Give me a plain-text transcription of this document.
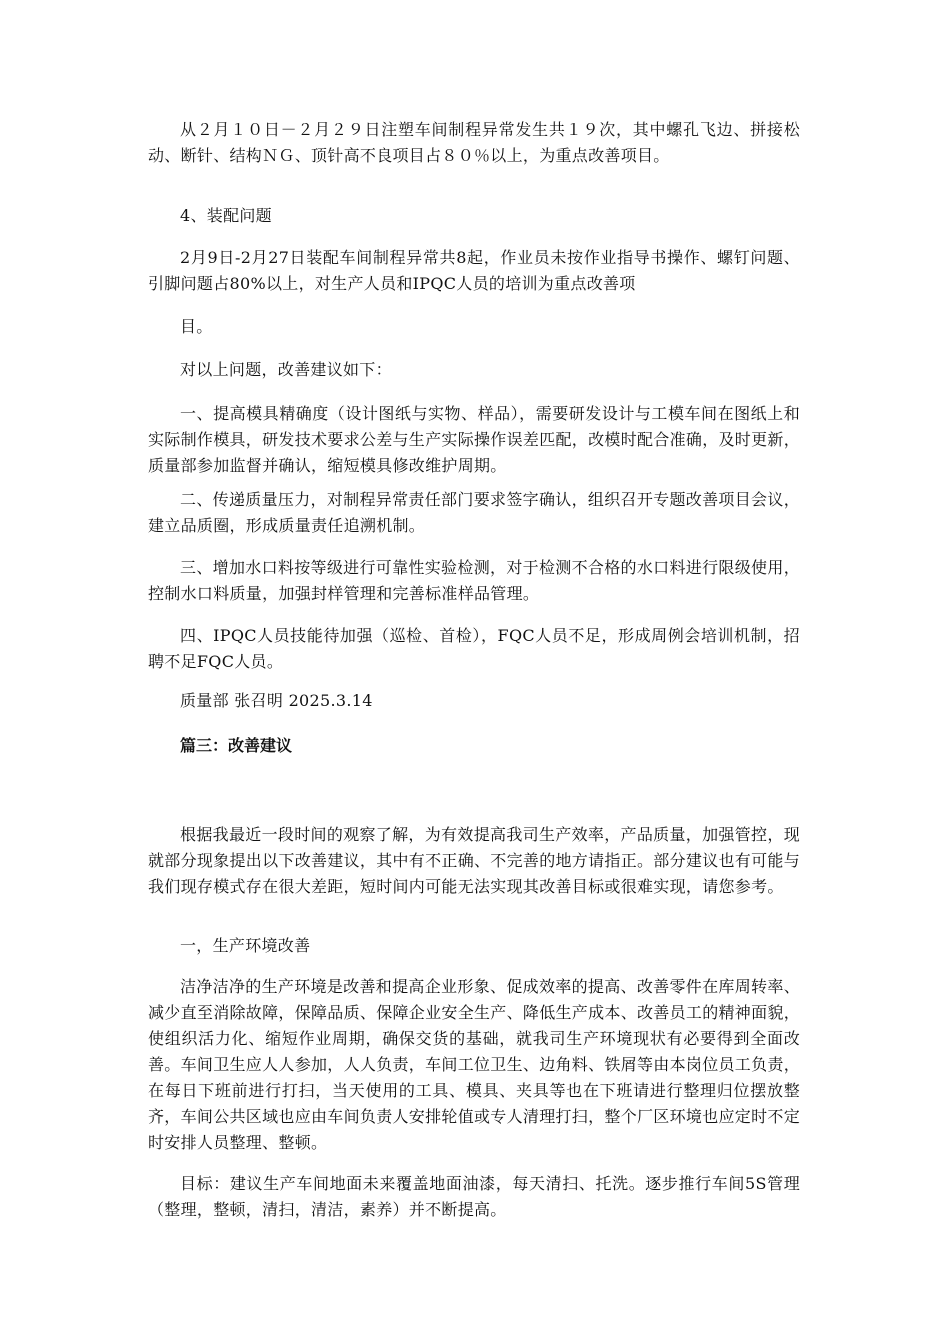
从２月１０日－２月２９日注塑车间制程异常发生共１９次，其中螺孔飞边、拼接松动、断针、结构ＮＧ、顶针高不良项目占８０％以上，为重点改善项目。

4、装配问题

2月9日-2月27日装配车间制程异常共8起，作业员未按作业指导书操作、螺钉问题、引脚问题占80%以上，对生产人员和IPQC人员的培训为重点改善项

目。

对以上问题，改善建议如下：

一、提高模具精确度（设计图纸与实物、样品），需要研发设计与工模车间在图纸上和实际制作模具，研发技术要求公差与生产实际操作误差匹配，改模时配合准确，及时更新，质量部参加监督并确认，缩短模具修改维护周期。

二、传递质量压力，对制程异常责任部门要求签字确认，组织召开专题改善项目会议，建立品质圈，形成质量责任追溯机制。

三、增加水口料按等级进行可靠性实验检测，对于检测不合格的水口料进行限级使用，控制水口料质量，加强封样管理和完善标准样品管理。

四、IPQC人员技能待加强（巡检、首检），FQC人员不足，形成周例会培训机制，招聘不足FQC人员。

质量部 张召明 2025.3.14

篇三：改善建议

根据我最近一段时间的观察了解，为有效提高我司生产效率，产品质量，加强管控，现就部分现象提出以下改善建议，其中有不正确、不完善的地方请指正。部分建议也有可能与我们现存模式存在很大差距，短时间内可能无法实现其改善目标或很难实现，请您参考。

一，生产环境改善

洁净洁净的生产环境是改善和提高企业形象、促成效率的提高、改善零件在库周转率、减少直至消除故障，保障品质、保障企业安全生产、降低生产成本、改善员工的精神面貌，使组织活力化、缩短作业周期，确保交货的基础，就我司生产环境现状有必要得到全面改善。车间卫生应人人参加，人人负责，车间工位卫生、边角料、铁屑等由本岗位员工负责，在每日下班前进行打扫，当天使用的工具、模具、夹具等也在下班请进行整理归位摆放整齐，车间公共区域也应由车间负责人安排轮值或专人清理打扫，整个厂区环境也应定时不定时安排人员整理、整顿。

目标：建议生产车间地面未来覆盖地面油漆，每天清扫、托洗。逐步推行车间5S管理（整理，整顿，清扫，清洁，素养）并不断提高。
